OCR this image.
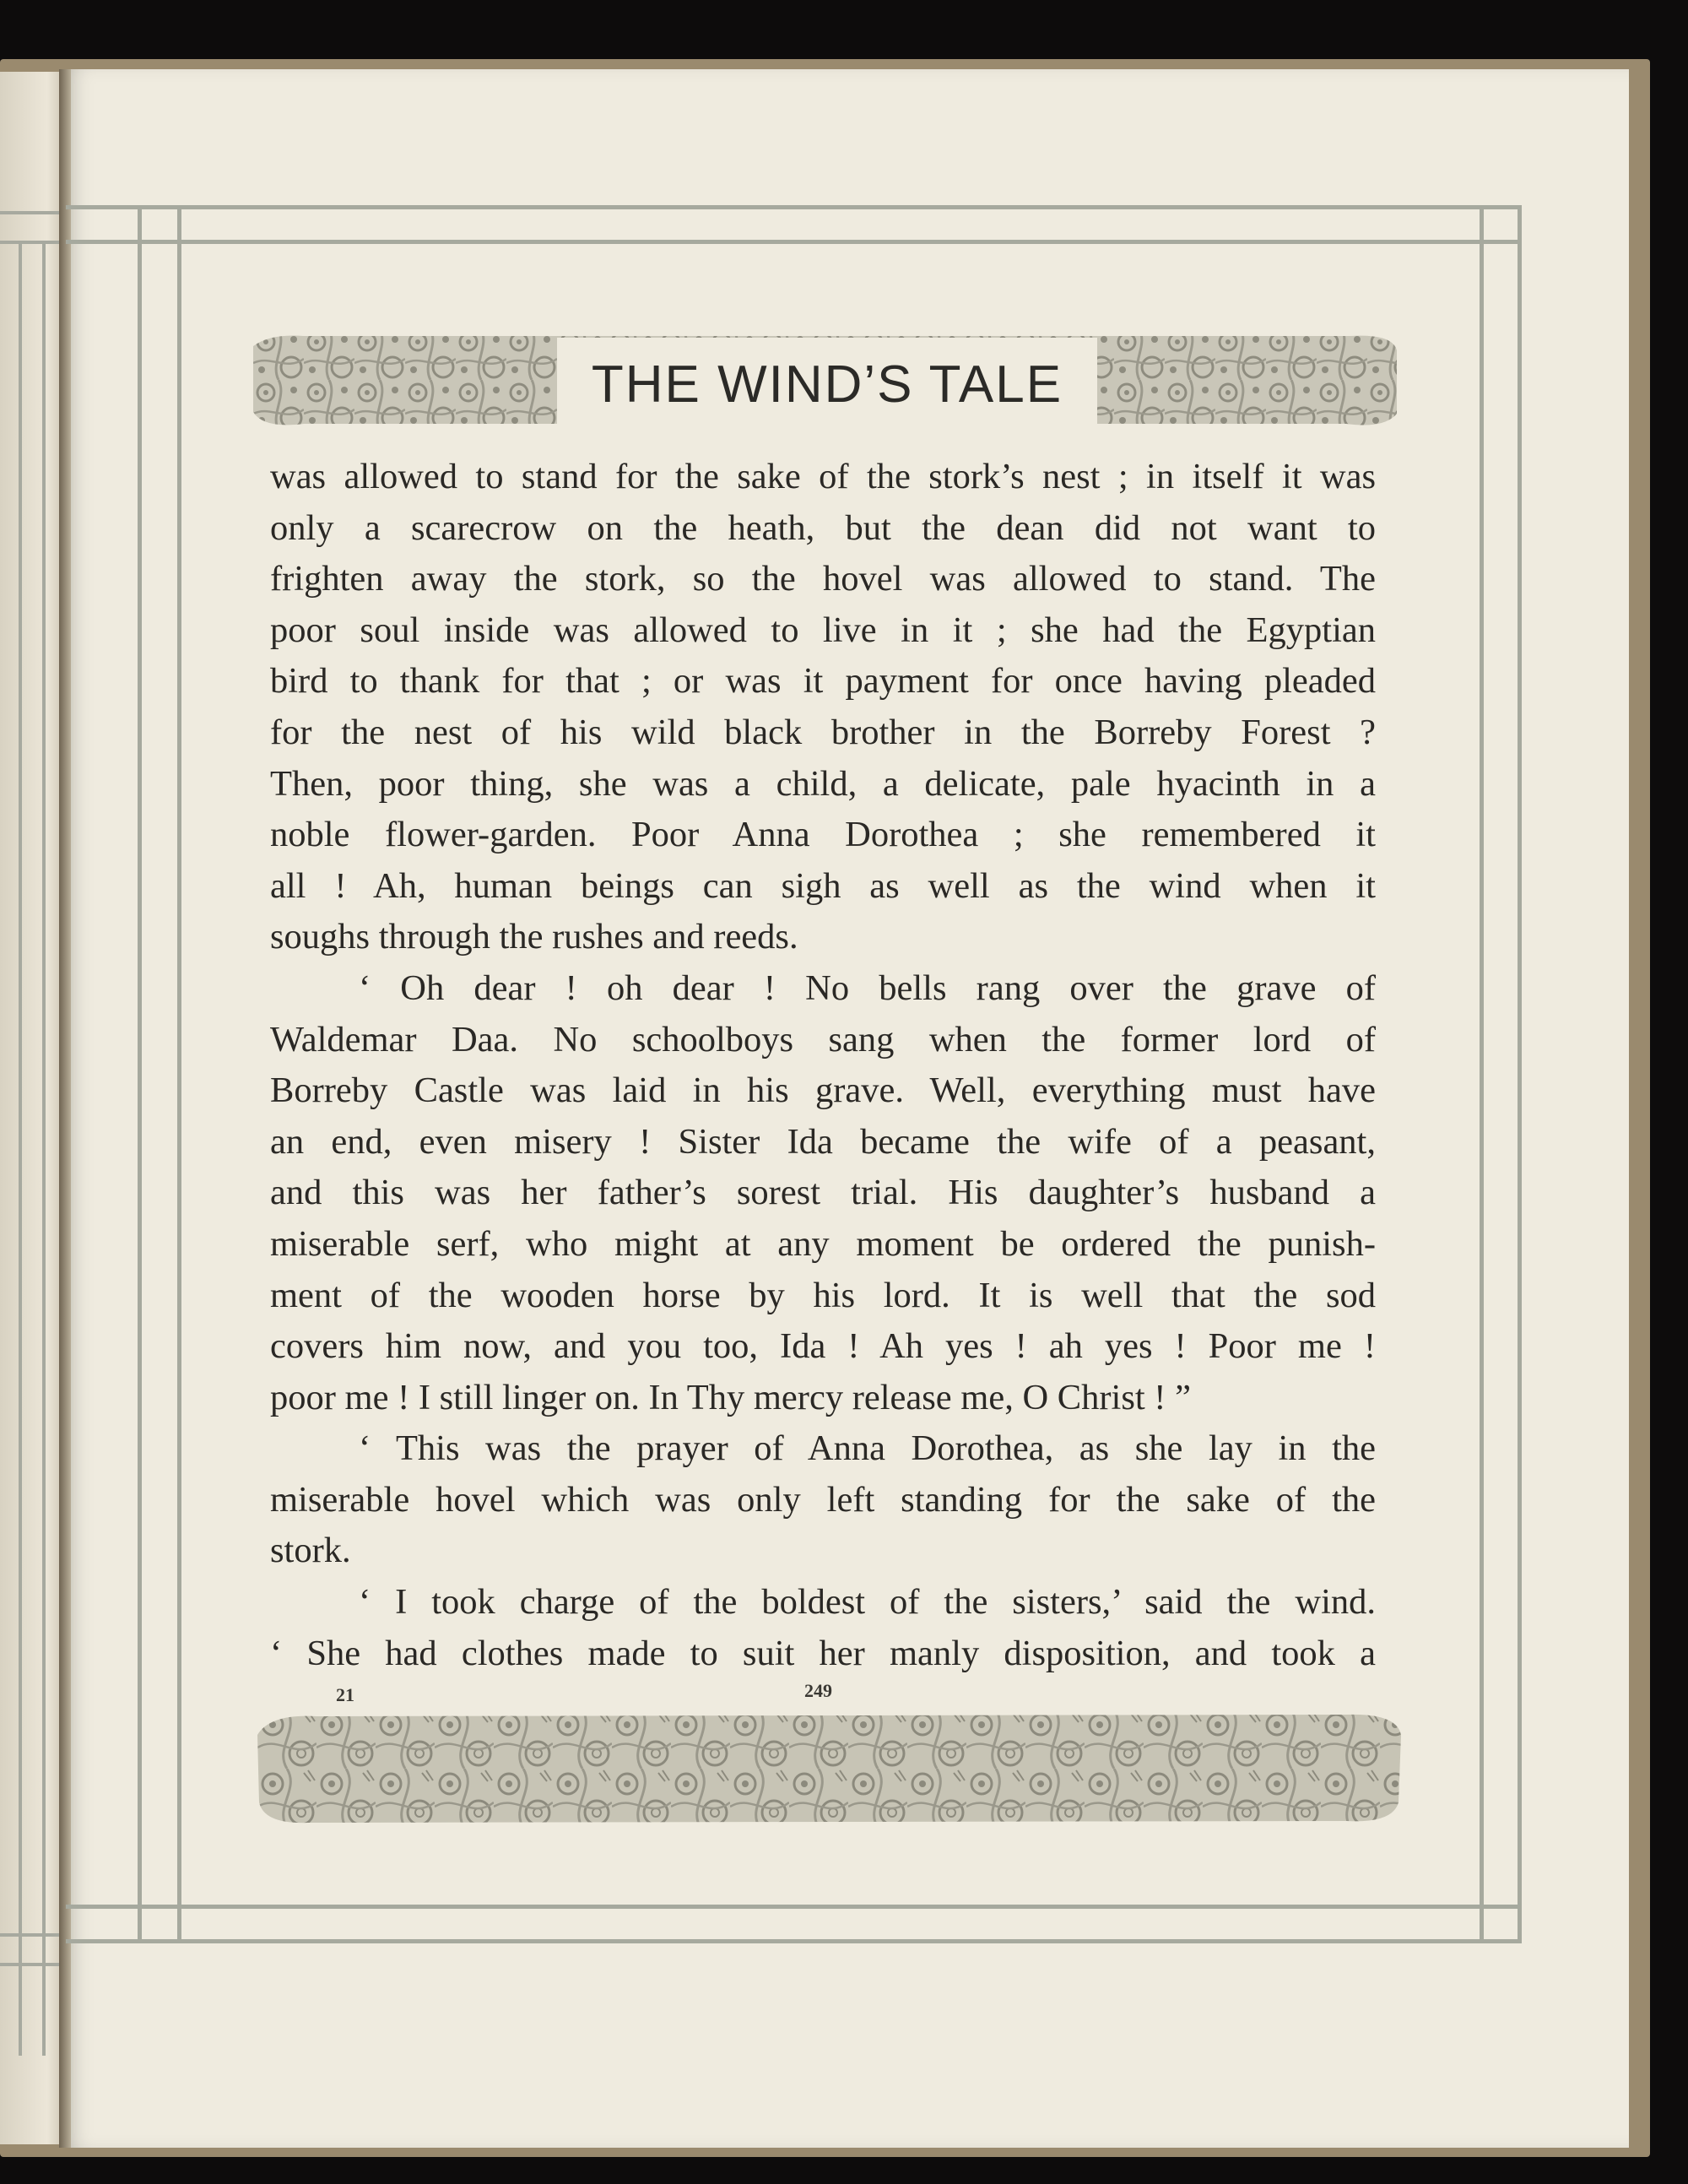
THE WIND’S TALE
was allowed to stand for the sake of the stork’s nest ; in itself it was
only a scarecrow on the heath, but the dean did not want to
frighten away the stork, so the hovel was allowed to stand. The
poor soul inside was allowed to live in it ; she had the Egyptian
bird to thank for that ; or was it payment for once having pleaded
for the nest of his wild black brother in the Borreby Forest ?
Then, poor thing, she was a child, a delicate, pale hyacinth in a
noble flower-garden. Poor Anna Dorothea ; she remembered it
all ! Ah, human beings can sigh as well as the wind when it
soughs through the rushes and reeds.
‘ Oh dear ! oh dear ! No bells rang over the grave of
Waldemar Daa. No schoolboys sang when the former lord of
Borreby Castle was laid in his grave. Well, everything must have
an end, even misery ! Sister Ida became the wife of a peasant,
and this was her father’s sorest trial. His daughter’s husband a
miserable serf, who might at any moment be ordered the punish-
ment of the wooden horse by his lord. It is well that the sod
covers him now, and you too, Ida ! Ah yes ! ah yes ! Poor me !
poor me ! I still linger on. In Thy mercy release me, O Christ ! ”
‘ This was the prayer of Anna Dorothea, as she lay in the
miserable hovel which was only left standing for the sake of the
stork.
‘ I took charge of the boldest of the sisters,’ said the wind.
‘ She had clothes made to suit her manly disposition, and took a
21	249
